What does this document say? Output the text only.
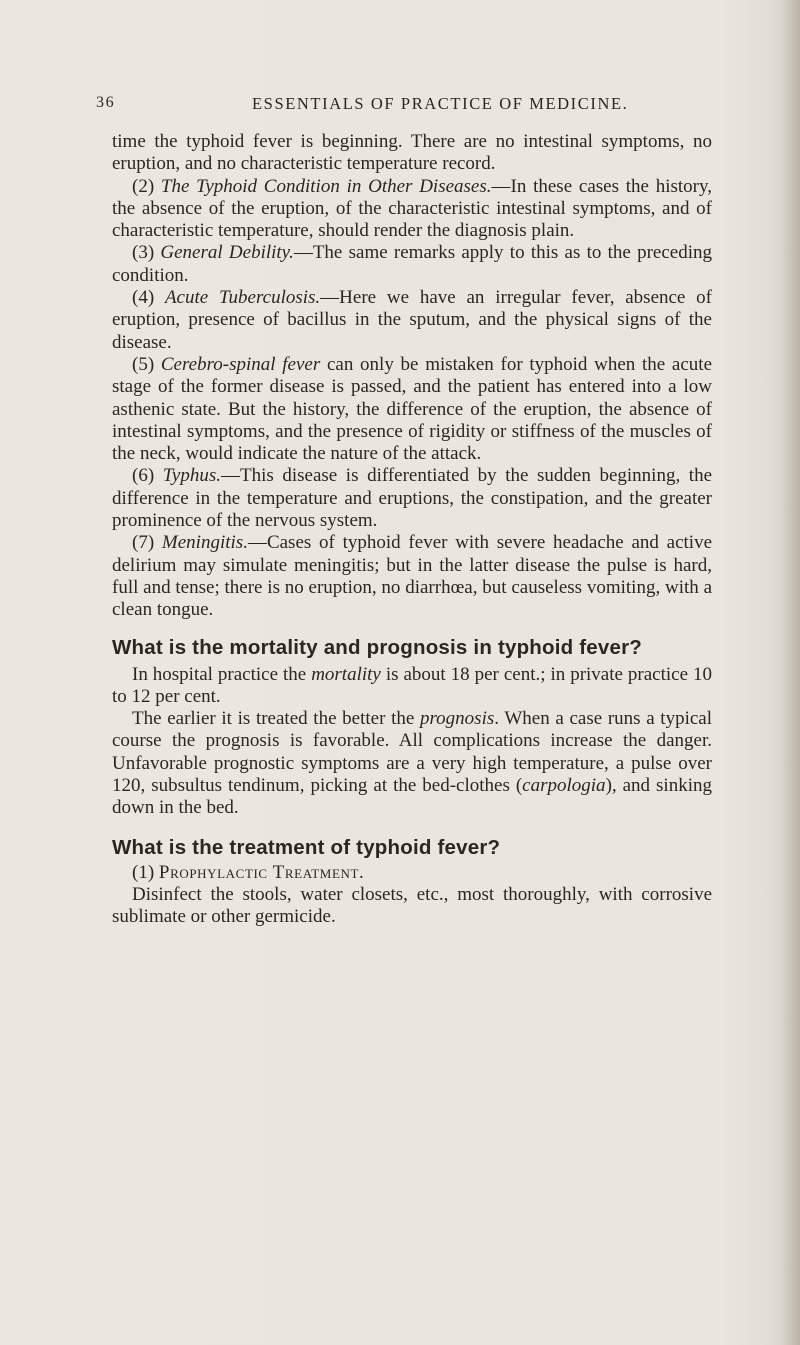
36	ESSENTIALS OF PRACTICE OF MEDICINE.

time the typhoid fever is beginning. There are no intestinal symptoms, no eruption, and no characteristic temperature record.

(2) The Typhoid Condition in Other Diseases.—In these cases the history, the absence of the eruption, of the characteristic intestinal symptoms, and of characteristic temperature, should render the diagnosis plain.

(3) General Debility.—The same remarks apply to this as to the preceding condition.

(4) Acute Tuberculosis.—Here we have an irregular fever, absence of eruption, presence of bacillus in the sputum, and the physical signs of the disease.

(5) Cerebro-spinal fever can only be mistaken for typhoid when the acute stage of the former disease is passed, and the patient has entered into a low asthenic state. But the history, the difference of the eruption, the absence of intestinal symptoms, and the presence of rigidity or stiffness of the muscles of the neck, would indicate the nature of the attack.

(6) Typhus.—This disease is differentiated by the sudden beginning, the difference in the temperature and eruptions, the constipation, and the greater prominence of the nervous system.

(7) Meningitis.—Cases of typhoid fever with severe headache and active delirium may simulate meningitis; but in the latter disease the pulse is hard, full and tense; there is no eruption, no diarrhœa, but causeless vomiting, with a clean tongue.

What is the mortality and prognosis in typhoid fever?

In hospital practice the mortality is about 18 per cent.; in private practice 10 to 12 per cent.

The earlier it is treated the better the prognosis. When a case runs a typical course the prognosis is favorable. All complications increase the danger. Unfavorable prognostic symptoms are a very high temperature, a pulse over 120, subsultus tendinum, picking at the bed-clothes (carpologia), and sinking down in the bed.

What is the treatment of typhoid fever?

(1) Prophylactic Treatment.

Disinfect the stools, water closets, etc., most thoroughly, with corrosive sublimate or other germicide.
